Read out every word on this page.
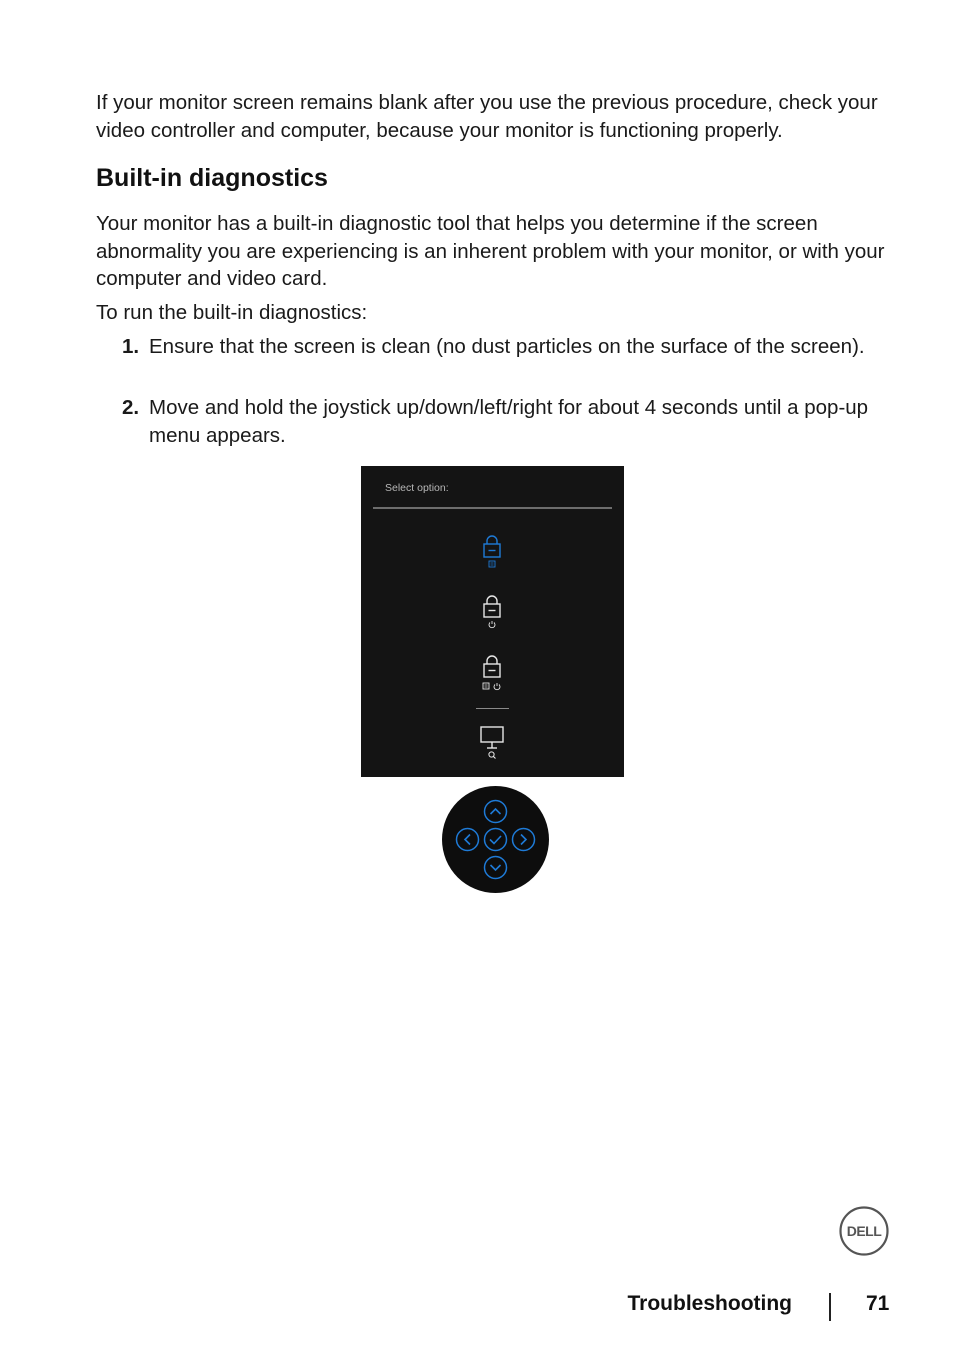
If your monitor screen remains blank after you use the previous procedure, check your video controller and computer, because your monitor is functioning properly.

Built-in diagnostics

Your monitor has a built-in diagnostic tool that helps you determine if the screen abnormality you are experiencing is an inherent problem with your monitor, or with your computer and video card.

To run the built-in diagnostics:

1. Ensure that the screen is clean (no dust particles on the surface of the screen).
2. Move and hold the joystick up/down/left/right for about 4 seconds until a pop-up menu appears.
Select option:
DELL
Troubleshooting	71
